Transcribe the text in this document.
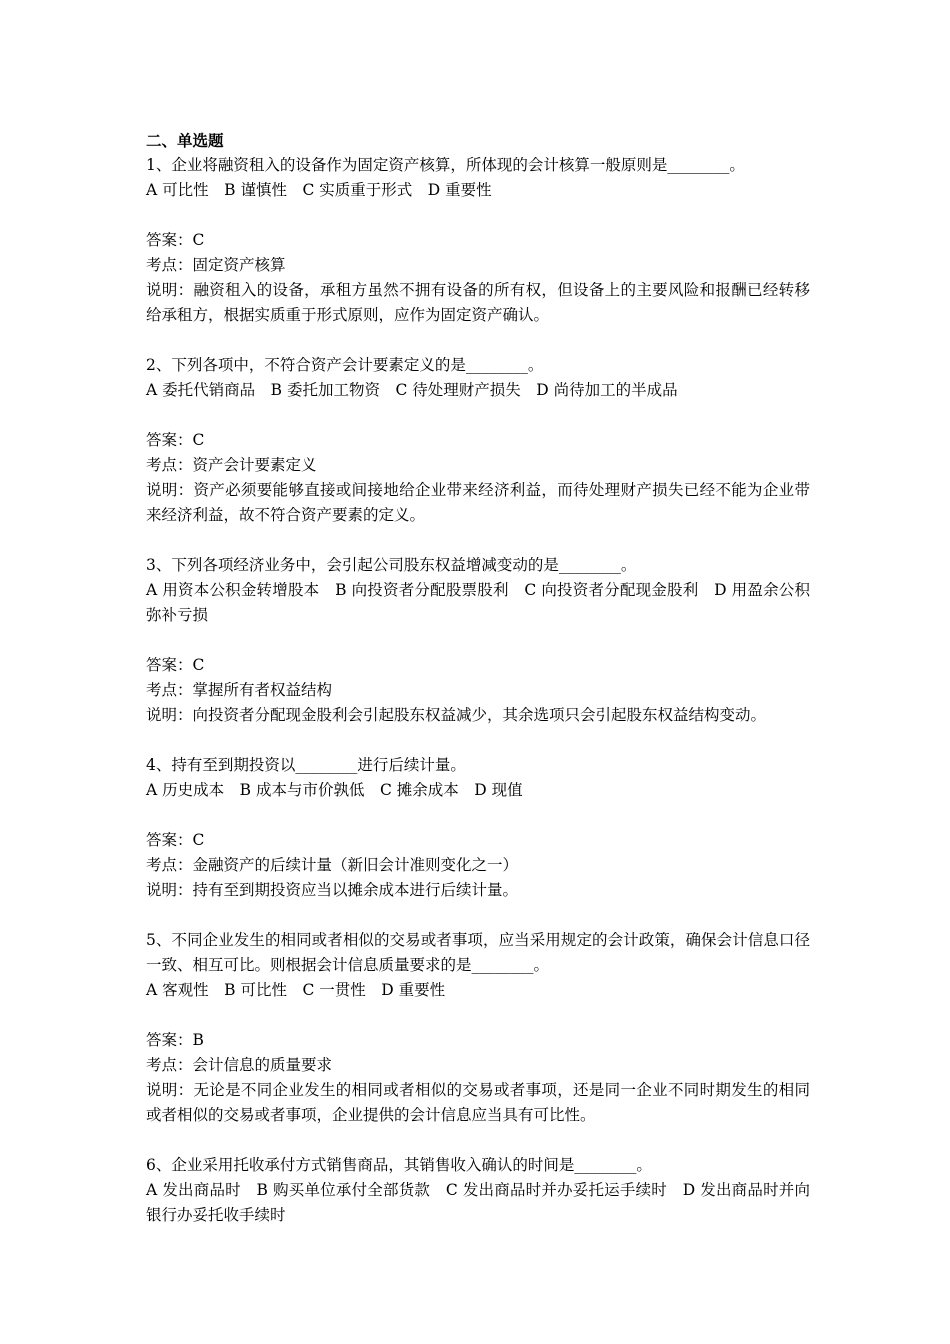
二、单选题
1、企业将融资租入的设备作为固定资产核算，所体现的会计核算一般原则是________。
A 可比性　B 谨慎性　C 实质重于形式　D 重要性
答案：C
考点：固定资产核算
说明：融资租入的设备，承租方虽然不拥有设备的所有权，但设备上的主要风险和报酬已经转移给承租方，根据实质重于形式原则，应作为固定资产确认。
2、下列各项中，不符合资产会计要素定义的是________。
A 委托代销商品　B 委托加工物资　C 待处理财产损失　D 尚待加工的半成品
答案：C
考点：资产会计要素定义
说明：资产必须要能够直接或间接地给企业带来经济利益，而待处理财产损失已经不能为企业带来经济利益，故不符合资产要素的定义。
3、下列各项经济业务中，会引起公司股东权益增减变动的是________。
A 用资本公积金转增股本　B 向投资者分配股票股利　C 向投资者分配现金股利　D 用盈余公积弥补亏损
答案：C
考点：掌握所有者权益结构
说明：向投资者分配现金股利会引起股东权益减少，其余选项只会引起股东权益结构变动。
4、持有至到期投资以________进行后续计量。
A 历史成本　B 成本与市价孰低　C 摊余成本　D 现值
答案：C
考点：金融资产的后续计量（新旧会计准则变化之一）
说明：持有至到期投资应当以摊余成本进行后续计量。
5、不同企业发生的相同或者相似的交易或者事项，应当采用规定的会计政策，确保会计信息口径一致、相互可比。则根据会计信息质量要求的是________。
A 客观性　B 可比性　C 一贯性　D 重要性
答案：B
考点：会计信息的质量要求
说明：无论是不同企业发生的相同或者相似的交易或者事项，还是同一企业不同时期发生的相同或者相似的交易或者事项，企业提供的会计信息应当具有可比性。
6、企业采用托收承付方式销售商品，其销售收入确认的时间是________。
A 发出商品时　B 购买单位承付全部货款　C 发出商品时并办妥托运手续时　D 发出商品时并向银行办妥托收手续时
